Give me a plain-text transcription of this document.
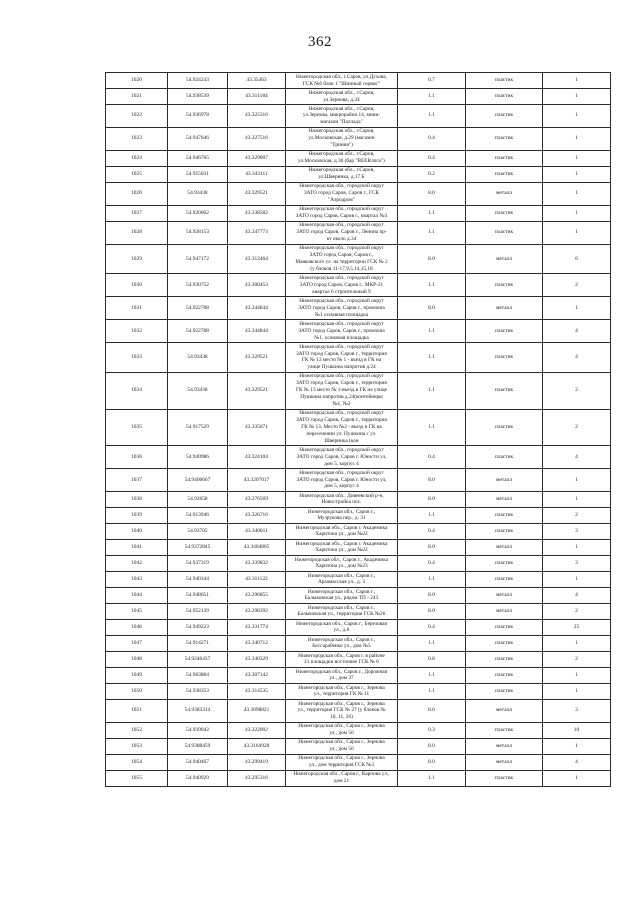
362
1020	54.924243	43.35463	Нижегородская обл., г.Саров, ул.Духова,
ГСК №6 блок 1 "Шинный сервис"	0.7	пластик	1
1021	54.938539	43.311184	Нижегородская обл., г.Саров,
ул.Зернова, д.34	1.1	пластик	1
1022	54.936978	43.325316	Нижегородская обл., г.Саров,
ул.Зернова, микрорайон 14, мини-
магазин "Палладa"	1.1	пластик	1
1023	54.947646	43.327516	Нижегородская обл., г.Саров,
ул.Московская, д.29 (магазин
"Триния")	0.4	пластик	1
1024	54.946765	43.329007	Нижегородская обл., г.Саров,
ул.Московская, д.30 (бар "BEERлога")	0.4	пластик	1
1025	54.915031	43.343111	Нижегородская обл., г.Саров,
ул.Шверника, д.17 Б	0.2	пластик	1
1026	54.93438	43.329521	Нижегородская обл., городской округ
ЗАТО город Саров, Саров г., ГСК
"Аэродром"	8.0	металл	1
1027	54.920062	43.338582	Нижегородская обл., городской округ
ЗАТО город Саров, Саров г., квартал №3	1.1	пластик	1
1028	54.928153	43.347773	Нижегородская обл., городской округ
ЗАТО город Саров, Саров г., Ленина пр-
кт около д.34	1.1	пластик	1
1029	54.947172	43.312464	Нижегородская обл., городской округ
ЗАТО город Саров, Саров г.,
Маяковского ул. на территории ГСК № 2
(у блоков 11-17,9,5,14,15,18	8.0	металл	6
1030	54.930752	43.300453	Нижегородская обл., городской округ
ЗАТО город Саров, Саров г., МКР-21
квартал 6 строительный 9	1.1	пластик	2
1031	54.922788	43.344844	Нижегородская обл., городской округ
ЗАТО город Саров, Саров г., промзона
№1 основная площадка	8.0	металл	1
1032	54.922788	43.344844	Нижегородская обл., городской округ
ЗАТО город Саров, Саров г., промзона
№1, основная площадка	1.1	пластик	4
1033	54.93438	43.329521	Нижегородская обл., городской округ
ЗАТО город Саров, Саров г., территория
ГК № 13 место № 1 - въезд в ГК на
улице Пушкина напротив д.24	1.1	пластик	4
1034	54.93438	43.329521	Нижегородская обл., городской округ
ЗАТО город Саров, Саров г., территория
ГК № 13 место № 1-въезд в ГК на улице
Пушкина напротив д.24(контейнеры
№1, №2	1.1	пластик	2
1035	54.917529	43.335671	Нижегородская обл., городской округ
ЗАТО город Саров, Саров г., территория
ГК № 13. Место №2 - въезд в ГК на
пересечении ул. Пушкина с ул.
Шверника (кон	1.1	пластик	2
1036	54.940986	43.324104	Нижегородская обл., городской округ
ЗАТО город Саров, Саров г. Юности ул,
дом 5, корпус 4	0.4	пластик	4
1037	54.9406667	43.3207017	Нижегородская обл., городской округ
ЗАТО город Саров, Саров г. Юности ул,
дом 5, корпус 4	8.0	металл	1
1038	54.92658	43.276569	Нижегородская обл., Дивеевский р-н,
Новостройка пос.	8.0	металл	1
1039	54.913946	43.326716	Нижегородская обл., Саров г.,
Музрукова пер., д. 31	1.1	пластик	2
1040	54.93705	43.340811	Нижегородская обл., Саров г. Академика
Харитона ул., дом №22	0.4	пластик	3
1041	54.9372845	43.3404805	Нижегородская обл., Саров г. Академика
Харитона ул., дом №22	8.0	металл	1
1042	54.937319	43.339832	Нижегородская обл., Саров г., Академика
Харитона ул., дом №23	0.4	пластик	3
1043	54.940344	43.311122	Нижегородская обл., Саров г.,
Арзамасская ул., д. 3	1.1	пластик	1
1044	54.948651	43.296855	Нижегородская обл., Саров г.,
Балыковская ул., рядом ТП - 243	8.0	металл	4
1045	54.952139	43.298392	Нижегородская обл., Саров г.,
Балыковская ул., территория ГСК №26	8.0	металл	2
1046	54.949223	43.331774	Нижегородская обл., Саров г., Березовая
ул., д.6	0.4	пластик	25
1047	54.914271	43.340712	Нижегородская обл., Саров г.,
Бессарабенко ул., дом №5	1.1	пластик	1
1048	54.9246437	43.340329	Нижегородская обл., Саров г. в районе
21 площадки восточнее ГСК № 6	0.8	пластик	2
1049	54.963884	43.307142	Нижегородская обл., Саров г., Дорожная
ул., дом 37	1.1	пластик	1
1050	54.938353	43.314535	Нижегородская обл., Саров г., Зернова
ул., территория ГК № 11	1.1	пластик	1
1051	54.9383314	43.3098821	Нижегородская обл., Саров г., Зернова
ул., территория ГСК № 27 (у блоков №
10, 11, 26)	8.0	металл	3
1052	54.939042	43.322002	Нижегородская обл., Саров г., Зернова
ул., дом 50	0.3	пластик	10
1053	54.9388459	43.3164928	Нижегородская обл., Саров г., Зернова
ул., дом 50	8.0	металл	1
1054	54.940467	43.299419	Нижегородская обл., Саров г., Зернова
ул., дом территория ГСК №3	8.0	металл	4
1055	54.940929	43.295316	Нижегородская обл., Саров г., Карпова ул.,
дом 21	1.1	пластик	1
